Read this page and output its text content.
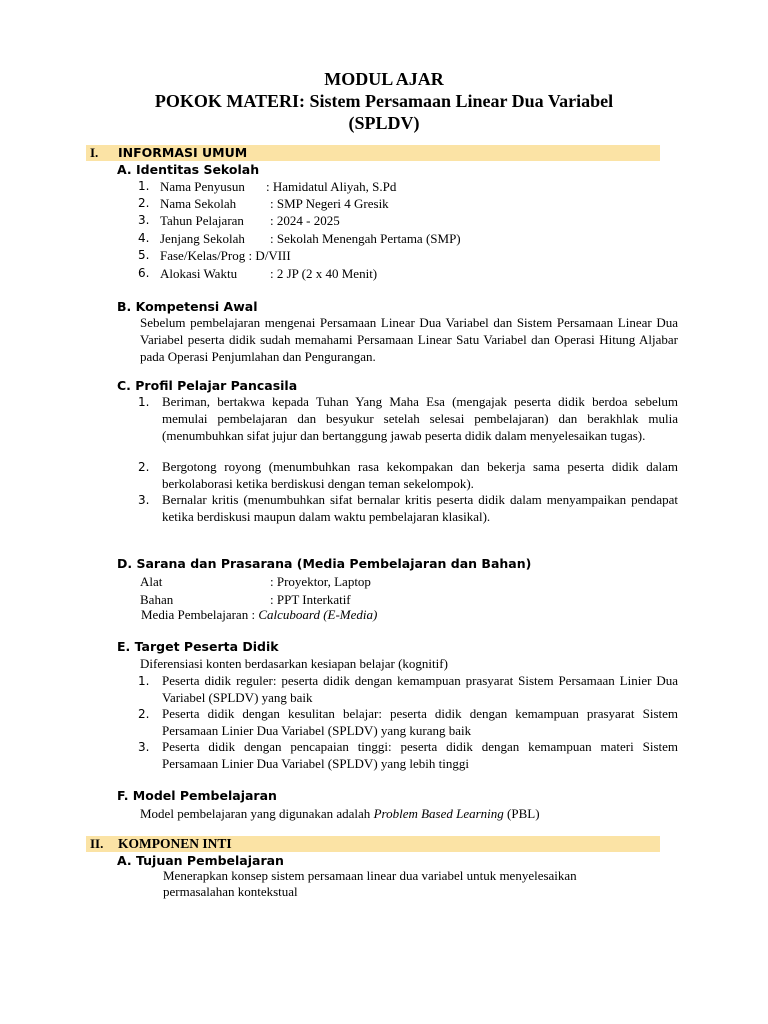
MODUL AJAR
POKOK MATERI: Sistem Persamaan Linear Dua Variabel
(SPLDV)
I. INFORMASI UMUM
A. Identitas Sekolah
1. Nama Penyusun : Hamidatul Aliyah, S.Pd
2. Nama Sekolah	: SMP Negeri 4 Gresik
3. Tahun Pelajaran : 2024 - 2025
4. Jenjang Sekolah : Sekolah Menengah Pertama (SMP)
5. Fase/Kelas/Prog : D/VIII
6. Alokasi Waktu	: 2 JP (2 x 40 Menit)
B. Kompetensi Awal
Sebelum pembelajaran mengenai Persamaan Linear Dua Variabel dan Sistem Persamaan Linear Dua Variabel peserta didik sudah memahami Persamaan Linear Satu Variabel dan Operasi Hitung Aljabar pada Operasi Penjumlahan dan Pengurangan.
C. Profil Pelajar Pancasila
1. Beriman, bertakwa kepada Tuhan Yang Maha Esa (mengajak peserta didik berdoa sebelum memulai pembelajaran dan besyukur setelah selesai pembelajaran) dan berakhlak mulia (menumbuhkan sifat jujur dan bertanggung jawab peserta didik dalam menyelesaikan tugas).
2. Bergotong royong (menumbuhkan rasa kekompakan dan bekerja sama peserta didik dalam berkolaborasi ketika berdiskusi dengan teman sekelompok).
3. Bernalar kritis (menumbuhkan sifat bernalar kritis peserta didik dalam menyampaikan pendapat ketika berdiskusi maupun dalam waktu pembelajaran klasikal).
D. Sarana dan Prasarana (Media Pembelajaran dan Bahan)
Alat	: Proyektor, Laptop
Bahan	: PPT Interkatif
Media Pembelajaran : Calcuboard (E-Media)
E. Target Peserta Didik
Diferensiasi konten berdasarkan kesiapan belajar (kognitif)
1. Peserta didik reguler: peserta didik dengan kemampuan prasyarat Sistem Persamaan Linier Dua Variabel (SPLDV) yang baik
2. Peserta didik dengan kesulitan belajar: peserta didik dengan kemampuan prasyarat Sistem Persamaan Linier Dua Variabel (SPLDV) yang kurang baik
3. Peserta didik dengan pencapaian tinggi: peserta didik dengan kemampuan materi Sistem Persamaan Linier Dua Variabel (SPLDV) yang lebih tinggi
F. Model Pembelajaran
Model pembelajaran yang digunakan adalah Problem Based Learning (PBL)
II. KOMPONEN INTI
A. Tujuan Pembelajaran
Menerapkan konsep sistem persamaan linear dua variabel untuk menyelesaikan
permasalahan kontekstual
